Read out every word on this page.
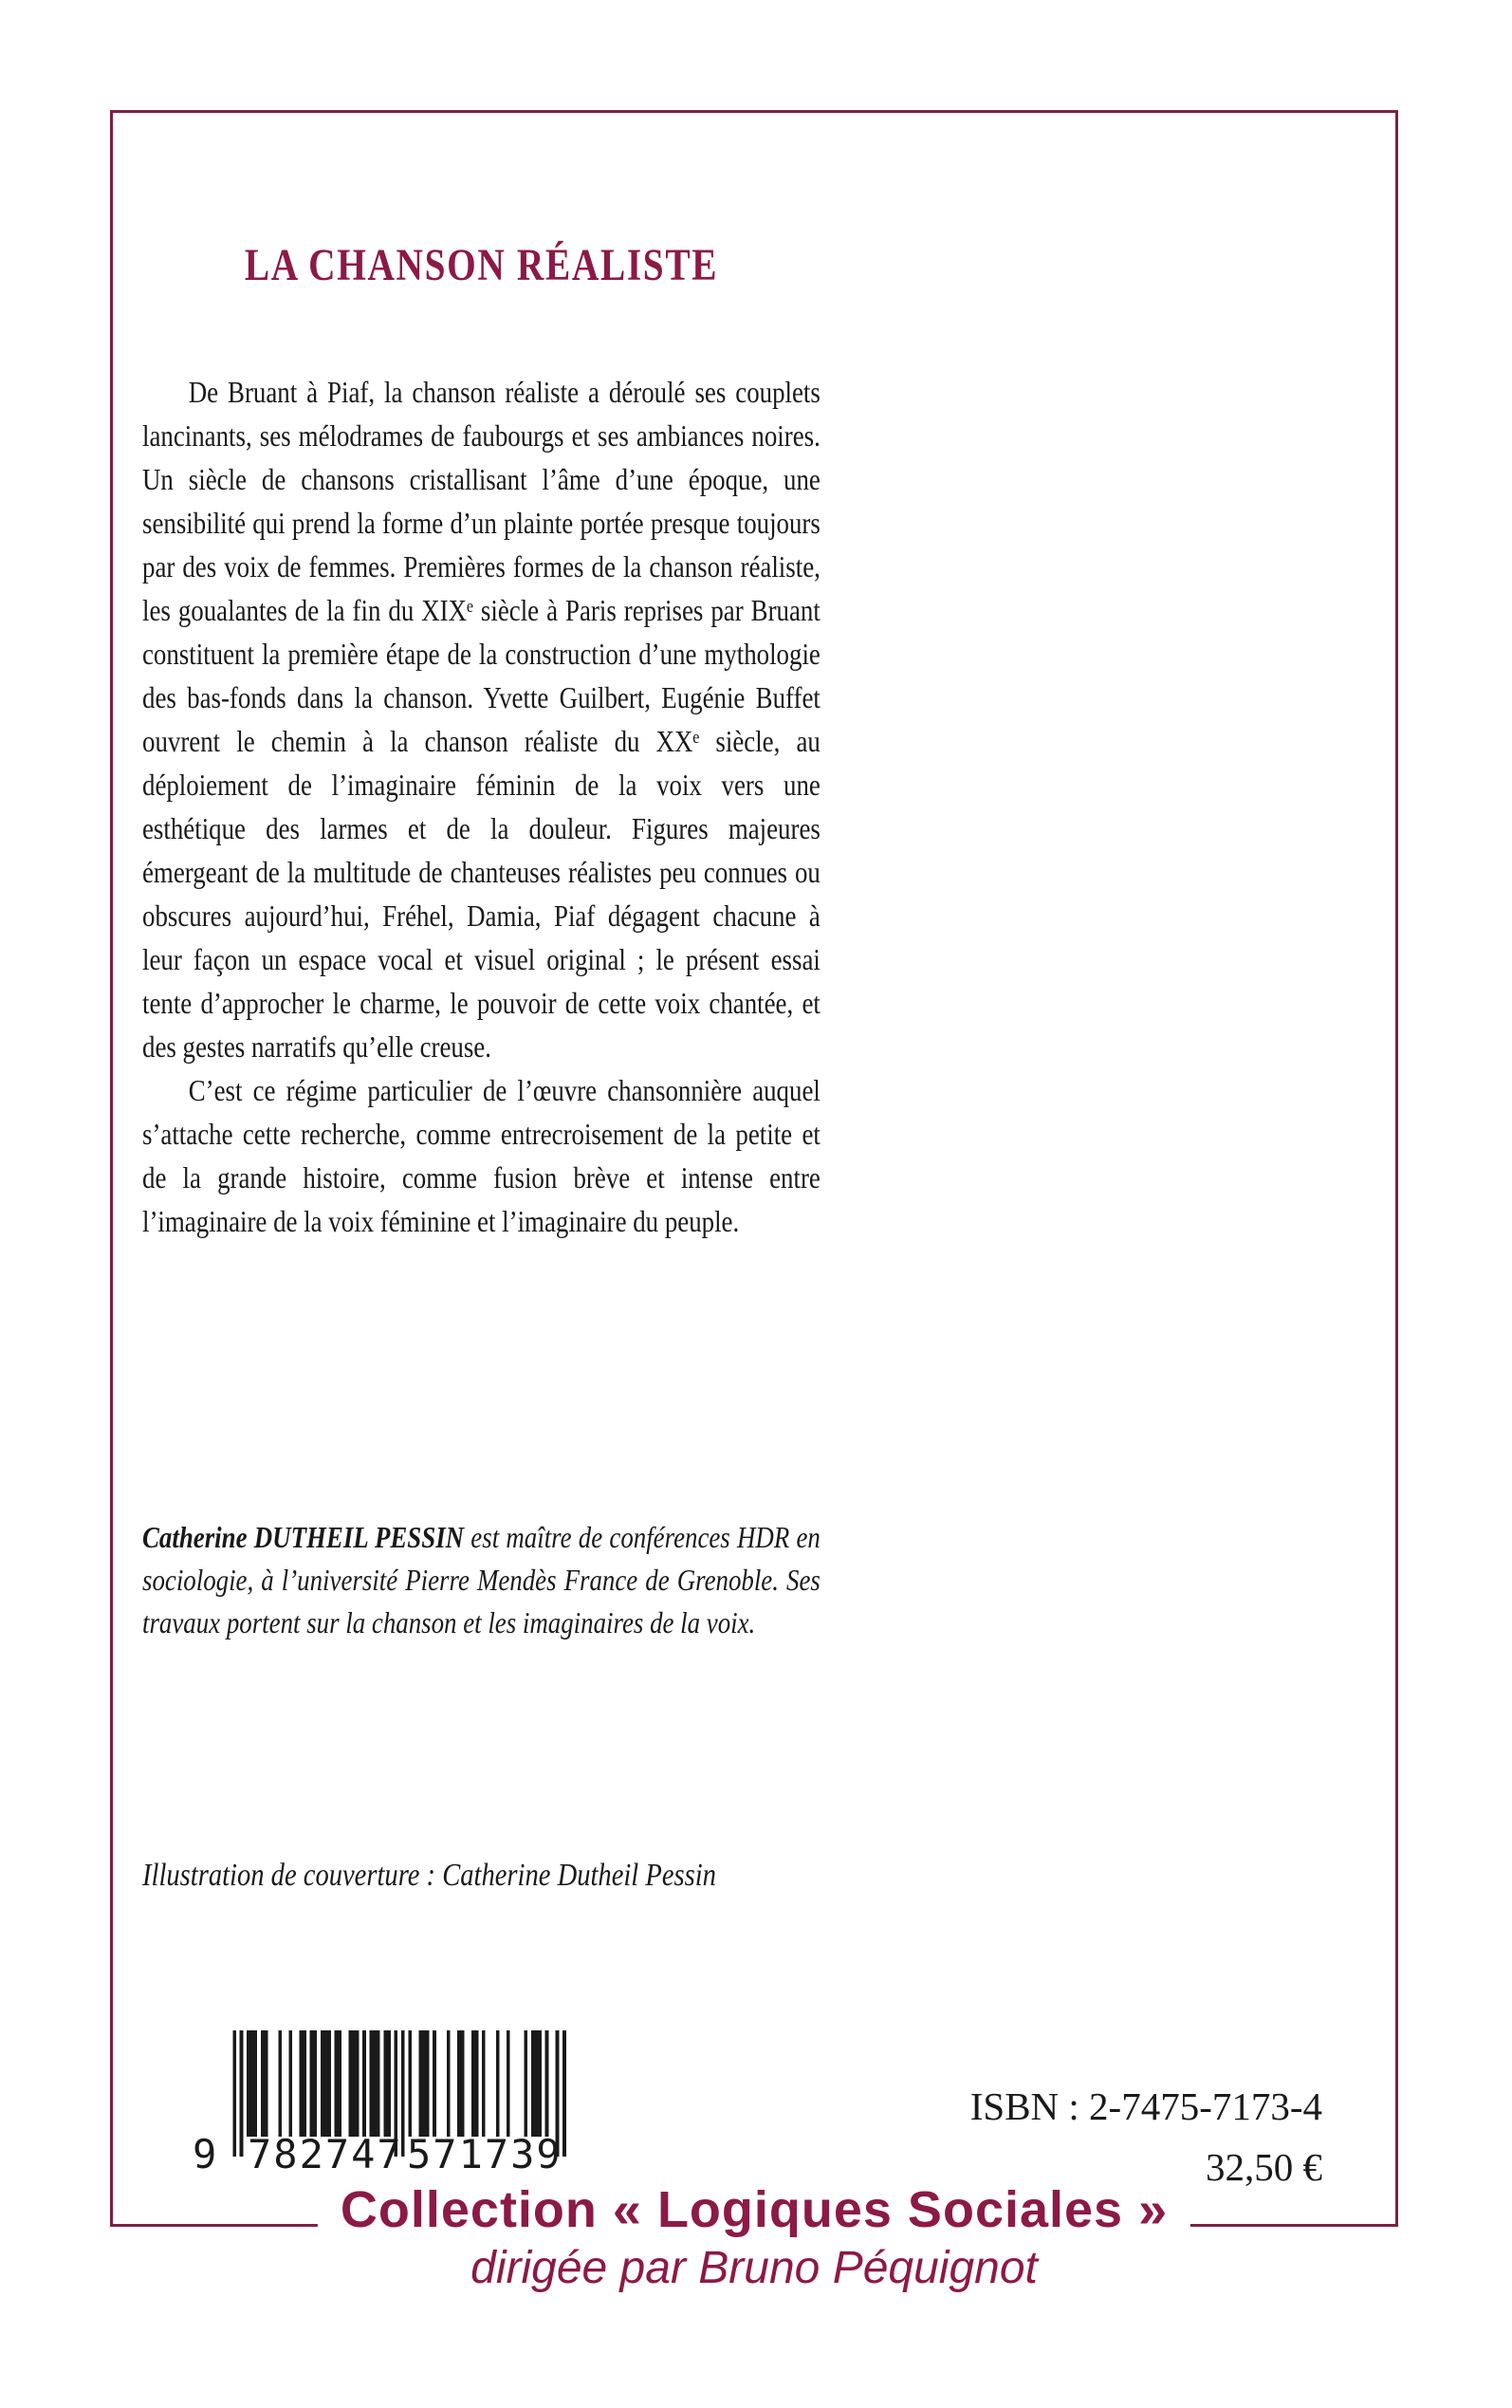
LA CHANSON RÉALISTE

De Bruant à Piaf, la chanson réaliste a déroulé ses couplets lancinants, ses mélodrames de faubourgs et ses ambiances noires. Un siècle de chansons cristallisant l’âme d’une époque, une sensibilité qui prend la forme d’un plainte portée presque toujours par des voix de femmes. Premières formes de la chanson réaliste, les goualantes de la fin du XIXᵉ siècle à Paris reprises par Bruant constituent la première étape de la construction d’une mythologie des bas-fonds dans la chanson. Yvette Guilbert, Eugénie Buffet ouvrent le chemin à la chanson réaliste du XXᵉ siècle, au déploiement de l’imaginaire féminin de la voix vers une esthétique des larmes et de la douleur. Figures majeures émergeant de la multitude de chanteuses réalistes peu connues ou obscures aujourd’hui, Fréhel, Damia, Piaf dégagent chacune à leur façon un espace vocal et visuel original ; le présent essai tente d’approcher le charme, le pouvoir de cette voix chantée, et des gestes narratifs qu’elle creuse.

C’est ce régime particulier de l’œuvre chansonnière auquel s’attache cette recherche, comme entrecroisement de la petite et de la grande histoire, comme fusion brève et intense entre l’imaginaire de la voix féminine et l’imaginaire du peuple.

Catherine DUTHEIL PESSIN est maître de conférences HDR en sociologie, à l’université Pierre Mendès France de Grenoble. Ses travaux portent sur la chanson et les imaginaires de la voix.

Illustration de couverture : Catherine Dutheil Pessin
9 782747 571739
ISBN : 2-7475-7173-4
32,50 €
Collection « Logiques Sociales »
dirigée par Bruno Péquignot
